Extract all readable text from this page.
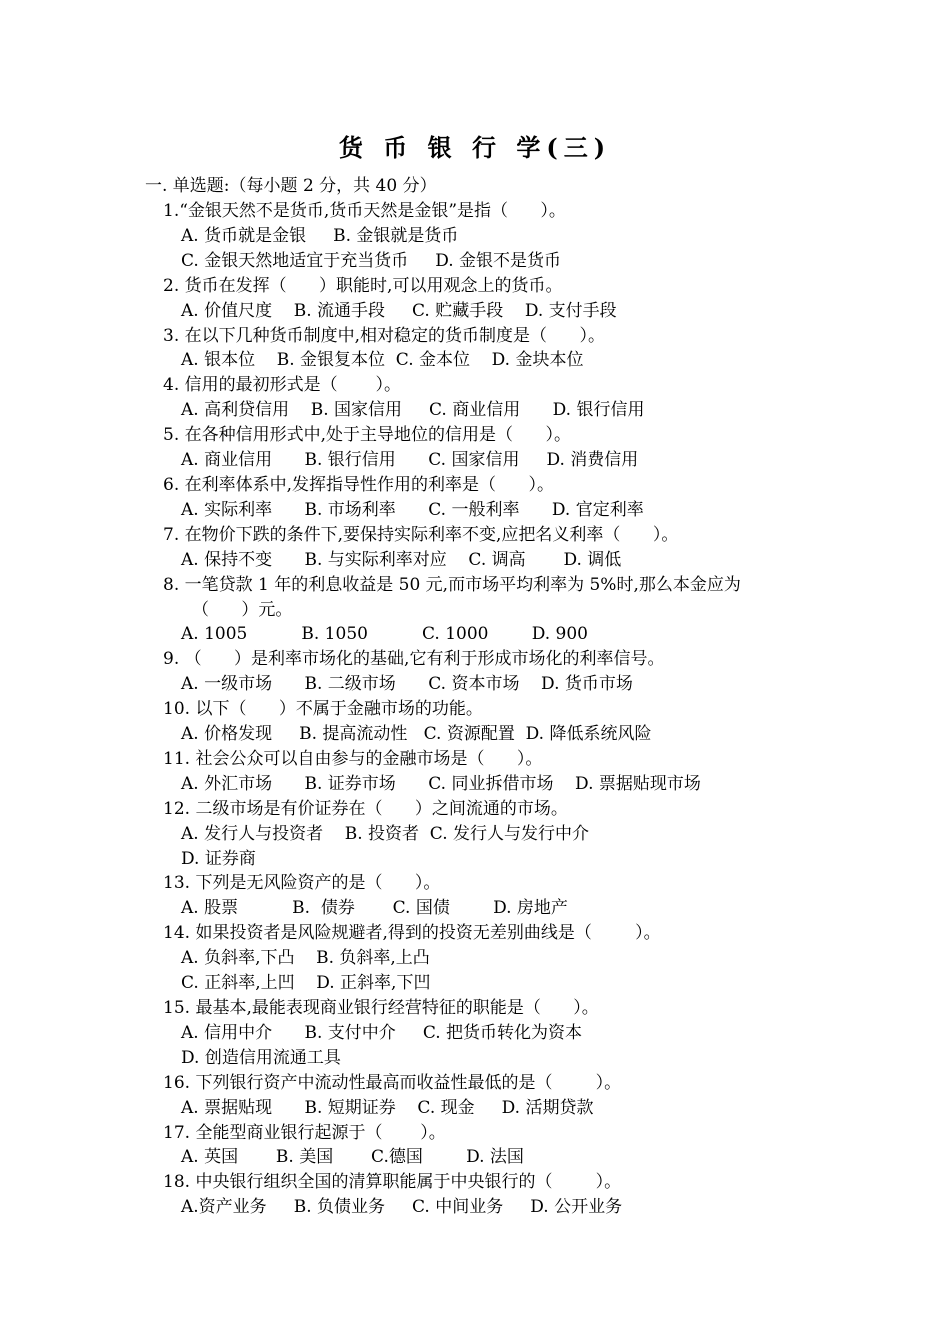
货 币 银 行 学(三)
一. 单选题:（每小题 2 分，共 40 分）
1.“金银天然不是货币,货币天然是金银”是指（      ）。
A. 货币就是金银     B. 金银就是货币
C. 金银天然地适宜于充当货币     D. 金银不是货币
2. 货币在发挥（      ）职能时,可以用观念上的货币。
A. 价值尺度    B. 流通手段     C. 贮藏手段    D. 支付手段
3. 在以下几种货币制度中,相对稳定的货币制度是（      ）。
A. 银本位    B. 金银复本位  C. 金本位    D. 金块本位
4. 信用的最初形式是（       ）。
A. 高利贷信用    B. 国家信用     C. 商业信用      D. 银行信用
5. 在各种信用形式中,处于主导地位的信用是（      ）。
A. 商业信用      B. 银行信用      C. 国家信用     D. 消费信用
6. 在利率体系中,发挥指导性作用的利率是（      ）。
A. 实际利率      B. 市场利率      C. 一般利率      D. 官定利率
7. 在物价下跌的条件下,要保持实际利率不变,应把名义利率（      ）。
A. 保持不变      B. 与实际利率对应    C. 调高       D. 调低
8. 一笔贷款 1 年的利息收益是 50 元,而市场平均利率为 5%时,那么本金应为
（      ）元。
A. 1005          B. 1050          C. 1000        D. 900
9. （      ）是利率市场化的基础,它有利于形成市场化的利率信号。
A. 一级市场      B. 二级市场      C. 资本市场    D. 货币市场
10. 以下（      ）不属于金融市场的功能。
A. 价格发现     B. 提高流动性   C. 资源配置  D. 降低系统风险
11. 社会公众可以自由参与的金融市场是（      ）。
A. 外汇市场      B. 证券市场      C. 同业拆借市场    D. 票据贴现市场
12. 二级市场是有价证券在（      ）之间流通的市场。
A. 发行人与投资者    B. 投资者  C. 发行人与发行中介
D. 证券商
13. 下列是无风险资产的是（      ）。
A. 股票          B.  债券       C. 国债        D. 房地产
14. 如果投资者是风险规避者,得到的投资无差别曲线是（        ）。
A. 负斜率,下凸    B. 负斜率,上凸
C. 正斜率,上凹    D. 正斜率,下凹
15. 最基本,最能表现商业银行经营特征的职能是（      ）。
A. 信用中介      B. 支付中介     C. 把货币转化为资本
D. 创造信用流通工具
16. 下列银行资产中流动性最高而收益性最低的是（        ）。
A. 票据贴现      B. 短期证券    C. 现金     D. 活期贷款
17. 全能型商业银行起源于（       ）。
A. 英国       B. 美国       C.德国        D. 法国
18. 中央银行组织全国的清算职能属于中央银行的（        ）。
A.资产业务     B. 负债业务     C. 中间业务     D. 公开业务
